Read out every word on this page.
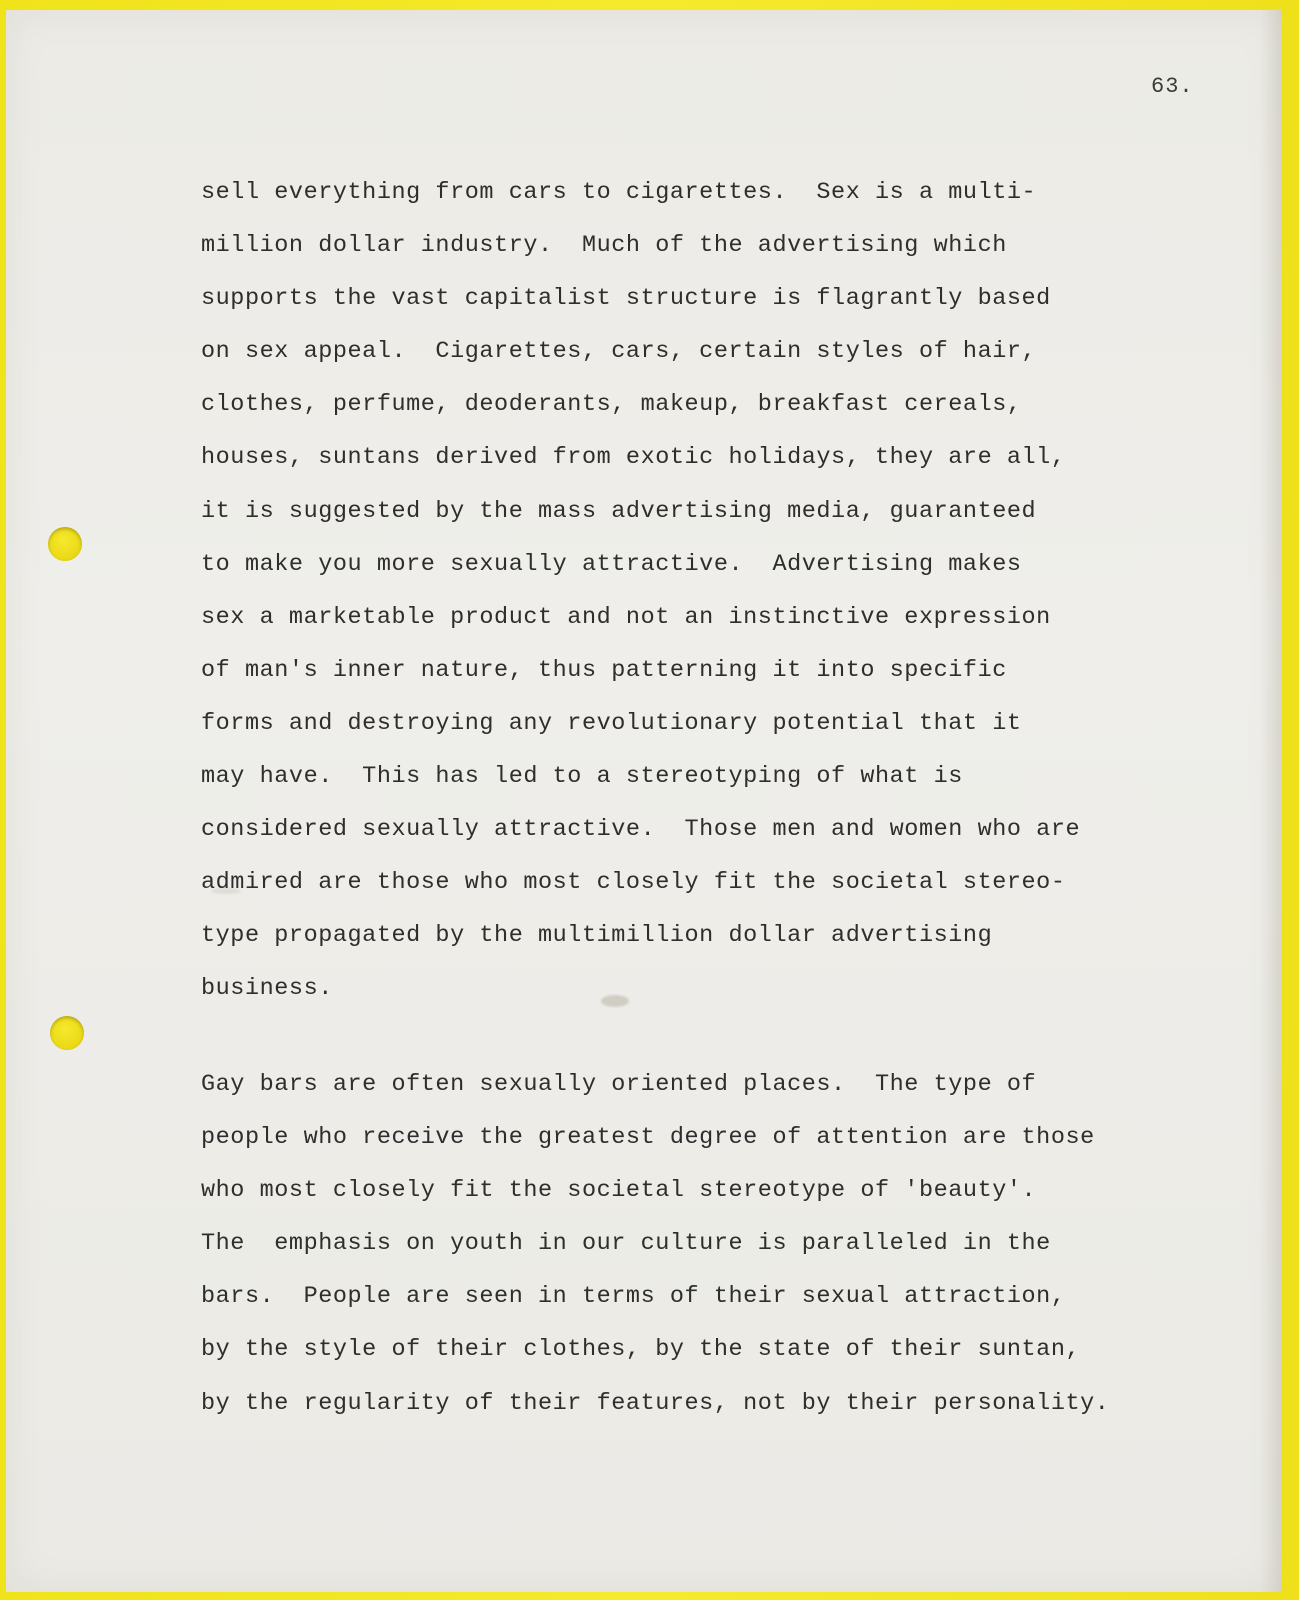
63.
sell everything from cars to cigarettes.  Sex is a multi-
million dollar industry.  Much of the advertising which
supports the vast capitalist structure is flagrantly based
on sex appeal.  Cigarettes, cars, certain styles of hair,
clothes, perfume, deoderants, makeup, breakfast cereals,
houses, suntans derived from exotic holidays, they are all,
it is suggested by the mass advertising media, guaranteed
to make you more sexually attractive.  Advertising makes
sex a marketable product and not an instinctive expression
of man's inner nature, thus patterning it into specific
forms and destroying any revolutionary potential that it
may have.  This has led to a stereotyping of what is
considered sexually attractive.  Those men and women who are
admired are those who most closely fit the societal stereo-
type propagated by the multimillion dollar advertising
business.
Gay bars are often sexually oriented places.  The type of
people who receive the greatest degree of attention are those
who most closely fit the societal stereotype of 'beauty'.
The  emphasis on youth in our culture is paralleled in the
bars.  People are seen in terms of their sexual attraction,
by the style of their clothes, by the state of their suntan,
by the regularity of their features, not by their personality.
